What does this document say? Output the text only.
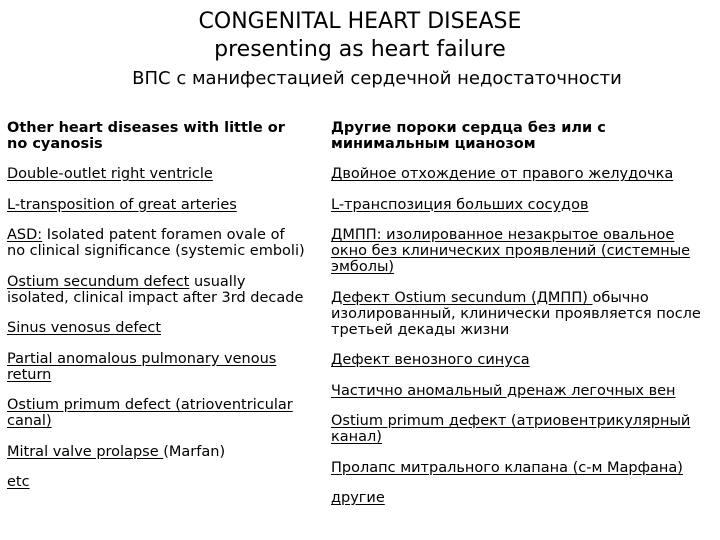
CONGENITAL HEART DISEASE
presenting as heart failure
ВПС с манифестацией сердечной недостаточности
Other heart diseases with little or no cyanosis
Double-outlet right ventricle
L-transposition of great arteries
ASD: Isolated patent foramen ovale of no clinical significance (systemic emboli)
Ostium secundum defect usually isolated, clinical impact after 3rd decade
Sinus venosus defect
Partial anomalous pulmonary venous return
Ostium primum defect (atrioventricular canal)
Mitral valve prolapse (Marfan)
etc
Другие пороки сердца без или с минимальным цианозом
Двойное отхождение от правого желудочка
L-транспозиция больших сосудов
ДМПП: изолированное незакрытое овальное окно без клинических проявлений (системные эмболы)
Дефект Ostium secundum (ДМПП) обычно изолированный, клинически проявляется после третьей декады жизни
Дефект венозного синуса
Частично аномальный дренаж легочных вен
Ostium primum дефект (атриовентрикулярный канал)
Пролапс митрального клапана (с-м Марфана)
другие
